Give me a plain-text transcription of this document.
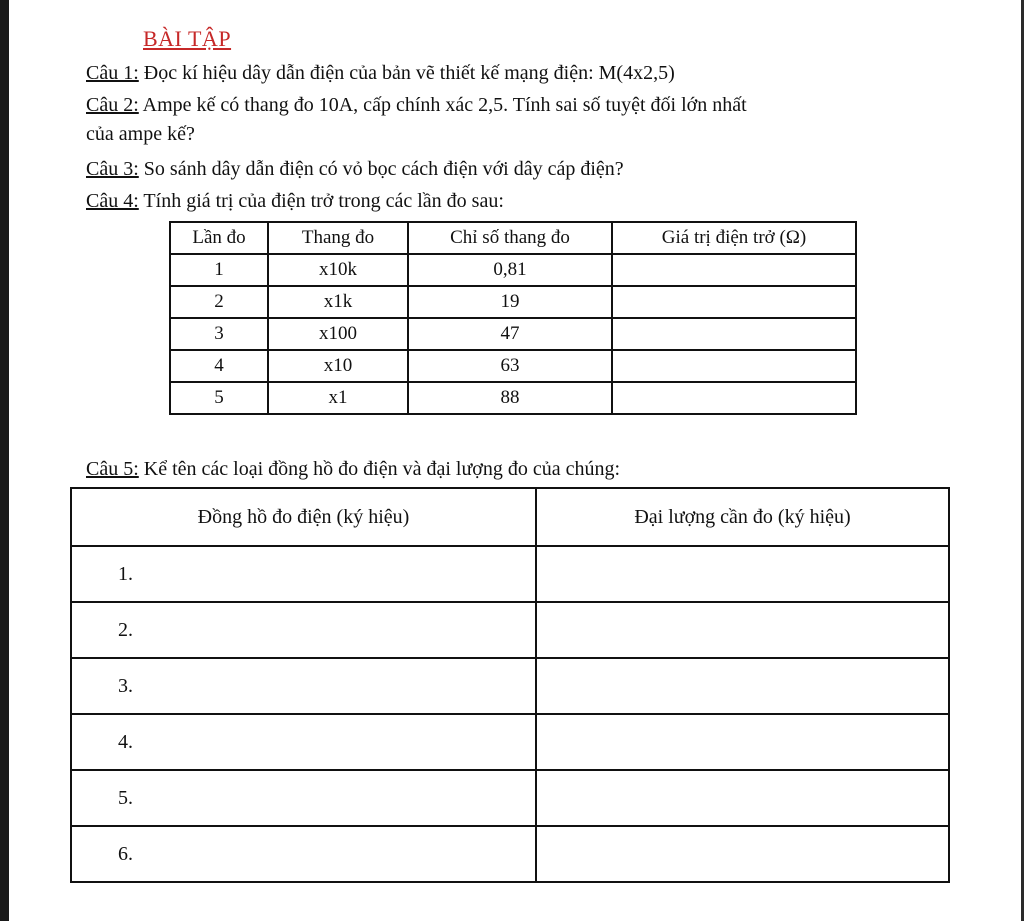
BÀI TẬP
Câu 1: Đọc kí hiệu dây dẫn điện của bản vẽ thiết kế mạng điện: M(4x2,5)
Câu 2: Ampe kế có thang đo 10A, cấp chính xác 2,5. Tính sai số tuyệt đối lớn nhất
của ampe kế?
Câu 3: So sánh dây dẫn điện có vỏ bọc cách điện với dây cáp điện?
Câu 4: Tính giá trị của điện trở trong các lần đo sau:
Lần đo	Thang đo	Chỉ số thang đo	Giá trị điện trở (Ω)
1	x10k	0,81	
2	x1k	19	
3	x100	47	
4	x10	63	
5	x1	88	
Câu 5: Kể tên các loại đồng hồ đo điện và đại lượng đo của chúng:
Đồng hồ đo điện (ký hiệu)	Đại lượng cần đo (ký hiệu)
1.	
2.	
3.	
4.	
5.	
6.	
